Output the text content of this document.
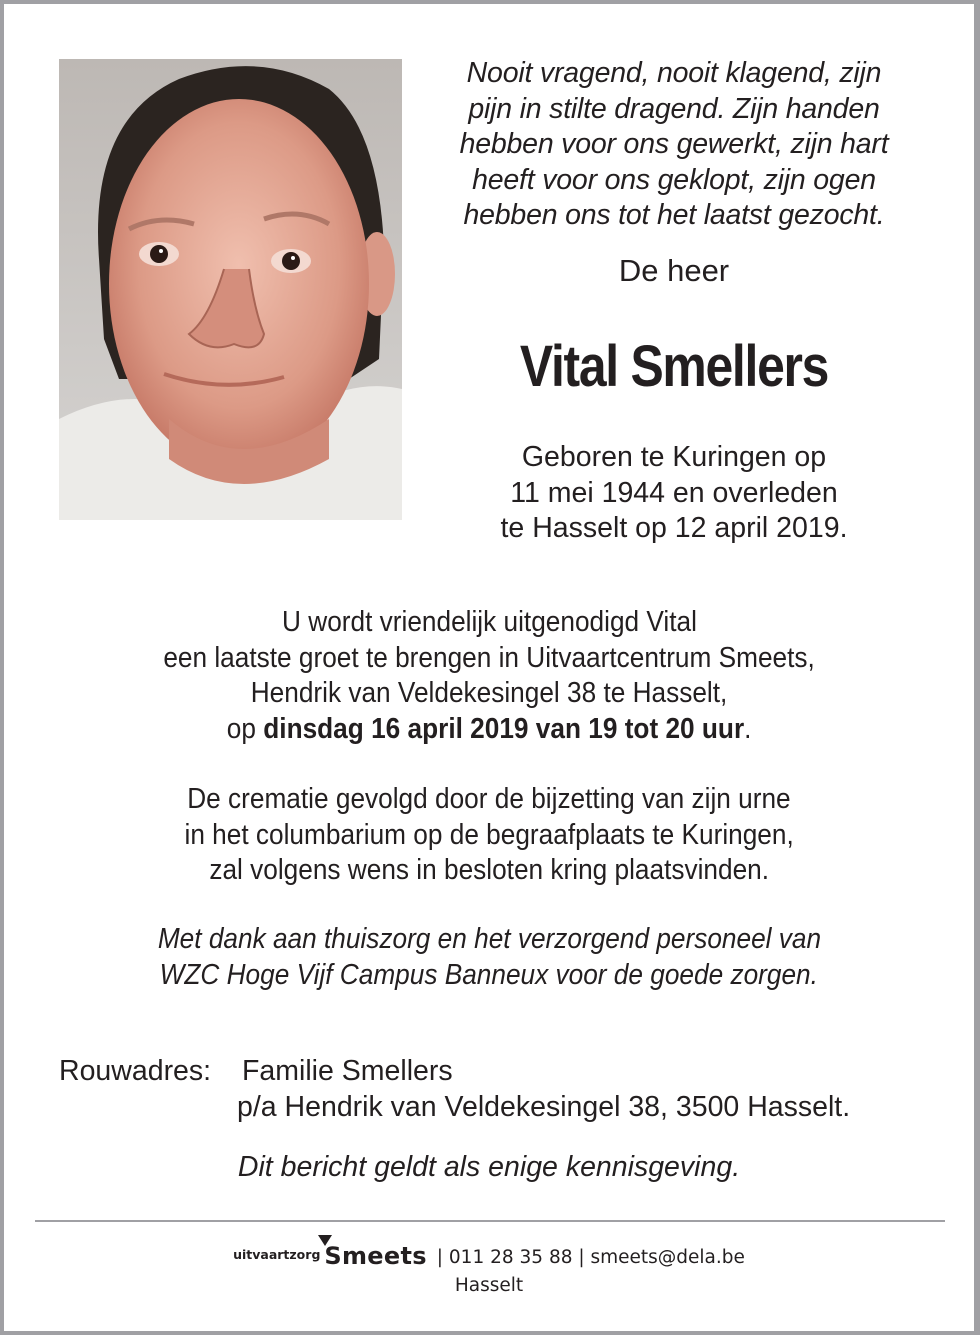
Nooit vragend, nooit klagend, zijn
pijn in stilte dragend. Zijn handen
hebben voor ons gewerkt, zijn hart
heeft voor ons geklopt, zijn ogen
hebben ons tot het laatst gezocht.
De heer
Vital Smellers
Geboren te Kuringen op
11 mei 1944 en overleden
te Hasselt op 12 april 2019.
U wordt vriendelijk uitgenodigd Vital
een laatste groet te brengen in Uitvaartcentrum Smeets,
Hendrik van Veldekesingel 38 te Hasselt,
op dinsdag 16 april 2019 van 19 tot 20 uur.
De crematie gevolgd door de bijzetting van zijn urne
in het columbarium op de begraafplaats te Kuringen,
zal volgens wens in besloten kring plaatsvinden.
Met dank aan thuiszorg en het verzorgend personeel van
WZC Hoge Vijf Campus Banneux voor de goede zorgen.
Rouwadres: Familie Smellers
p/a Hendrik van Veldekesingel 38, 3500 Hasselt.
Dit bericht geldt als enige kennisgeving.
uitvaartzorg Smeets | 011 28 35 88 | smeets@dela.be
Hasselt
